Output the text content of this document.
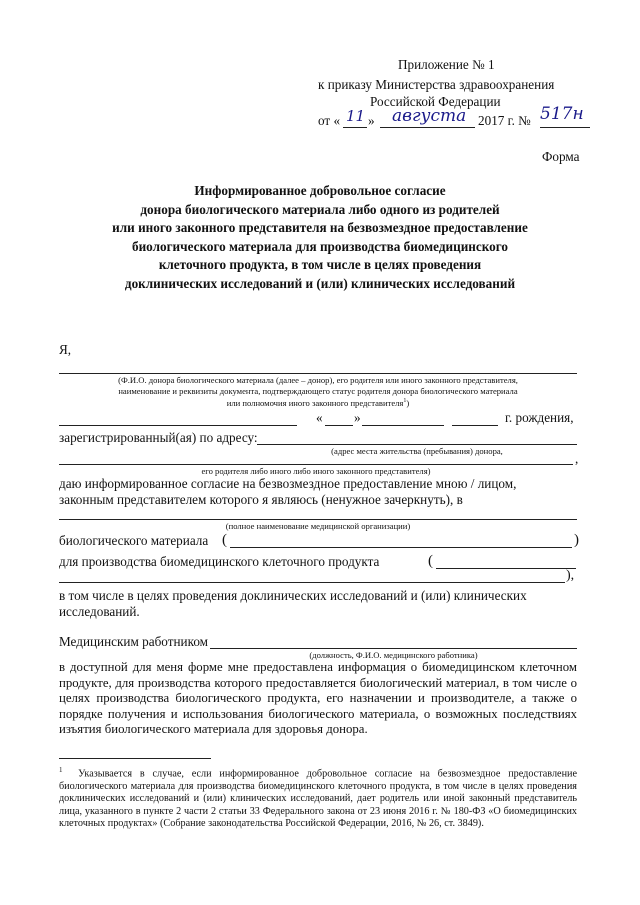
Приложение № 1
к приказу Министерства здравоохранения
Российской Федерации
от « 11 » августа 2017 г. № 517н
Форма
Информированное добровольное согласие
донора биологического материала либо одного из родителей
или иного законного представителя на безвозмездное предоставление
биологического материала для производства биомедицинского
клеточного продукта, в том числе в целях проведения
доклинических исследований и (или) клинических исследований
Я,
(Ф.И.О. донора биологического материала (далее – донор), его родителя или иного законного представителя,
наименование и реквизиты документа, подтверждающего статус родителя донора биологического материала
или полномочия иного законного представителя$^1$)
« »	г. рождения,
зарегистрированный(ая) по адресу:
(адрес места жительства (пребывания) донора,	,
его родителя либо иного либо иного законного представителя)
даю информированное согласие на безвозмездное предоставление мною / лицом,
законным представителем которого я являюсь (ненужное зачеркнуть), в
(полное наименование медицинской организации)
биологического материала (	)
для производства биомедицинского клеточного продукта	(
),
в том числе в целях проведения доклинических исследований и (или) клинических
исследований.
Медицинским работником
(должность, Ф.И.О. медицинского работника)
в доступной для меня форме мне предоставлена информация о биомедицинском клеточном продукте, для производства которого предоставляется биологический материал, в том числе о целях производства биологического продукта, его назначении и производителе, а также о порядке получения и использования биологического материала, о возможных последствиях изъятия биологического материала для здоровья донора.
$^1$ Указывается в случае, если информированное добровольное согласие на безвозмездное предоставление биологического материала для производства биомедицинского клеточного продукта, в том числе в целях проведения доклинических исследований и (или) клинических исследований, дает родитель или иной законный представитель лица, указанного в пункте 2 части 2 статьи 33 Федерального закона от 23 июня 2016 г. № 180-ФЗ «О биомедицинских клеточных продуктах» (Собрание законодательства Российской Федерации, 2016, № 26, ст. 3849).
